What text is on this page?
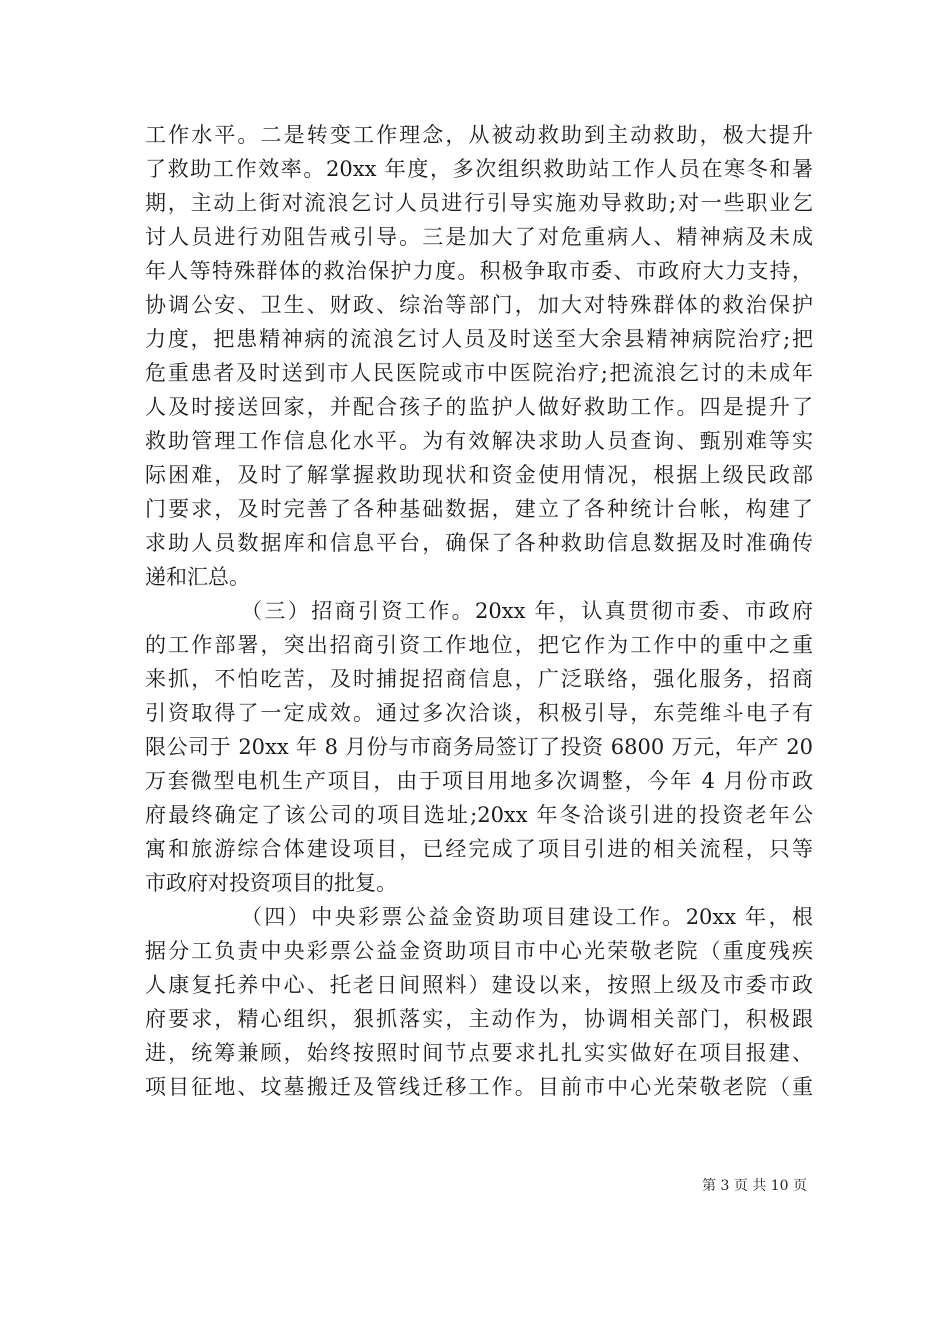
工作水平。二是转变工作理念，从被动救助到主动救助，极大提升
了救助工作效率。20xx 年度，多次组织救助站工作人员在寒冬和暑
期，主动上街对流浪乞讨人员进行引导实施劝导救助;对一些职业乞
讨人员进行劝阻告戒引导。三是加大了对危重病人、精神病及未成
年人等特殊群体的救治保护力度。积极争取市委、市政府大力支持，
协调公安、卫生、财政、综治等部门，加大对特殊群体的救治保护
力度，把患精神病的流浪乞讨人员及时送至大余县精神病院治疗;把
危重患者及时送到市人民医院或市中医院治疗;把流浪乞讨的未成年
人及时接送回家，并配合孩子的监护人做好救助工作。四是提升了
救助管理工作信息化水平。为有效解决求助人员查询、甄别难等实
际困难，及时了解掌握救助现状和资金使用情况，根据上级民政部
门要求，及时完善了各种基础数据，建立了各种统计台帐，构建了
求助人员数据库和信息平台，确保了各种救助信息数据及时准确传
递和汇总。
（三）招商引资工作。20xx 年，认真贯彻市委、市政府
的工作部署，突出招商引资工作地位，把它作为工作中的重中之重
来抓，不怕吃苦，及时捕捉招商信息，广泛联络，强化服务，招商
引资取得了一定成效。通过多次洽谈，积极引导，东莞维斗电子有
限公司于 20xx 年 8 月份与市商务局签订了投资 6800 万元，年产 20
万套微型电机生产项目，由于项目用地多次调整，今年 4 月份市政
府最终确定了该公司的项目选址;20xx 年冬洽谈引进的投资老年公
寓和旅游综合体建设项目，已经完成了项目引进的相关流程，只等
市政府对投资项目的批复。
（四）中央彩票公益金资助项目建设工作。20xx 年，根
据分工负责中央彩票公益金资助项目市中心光荣敬老院（重度残疾
人康复托养中心、托老日间照料）建设以来，按照上级及市委市政
府要求，精心组织，狠抓落实，主动作为，协调相关部门，积极跟
进，统筹兼顾，始终按照时间节点要求扎扎实实做好在项目报建、
项目征地、坟墓搬迁及管线迁移工作。目前市中心光荣敬老院（重
第 3 页 共 10 页
